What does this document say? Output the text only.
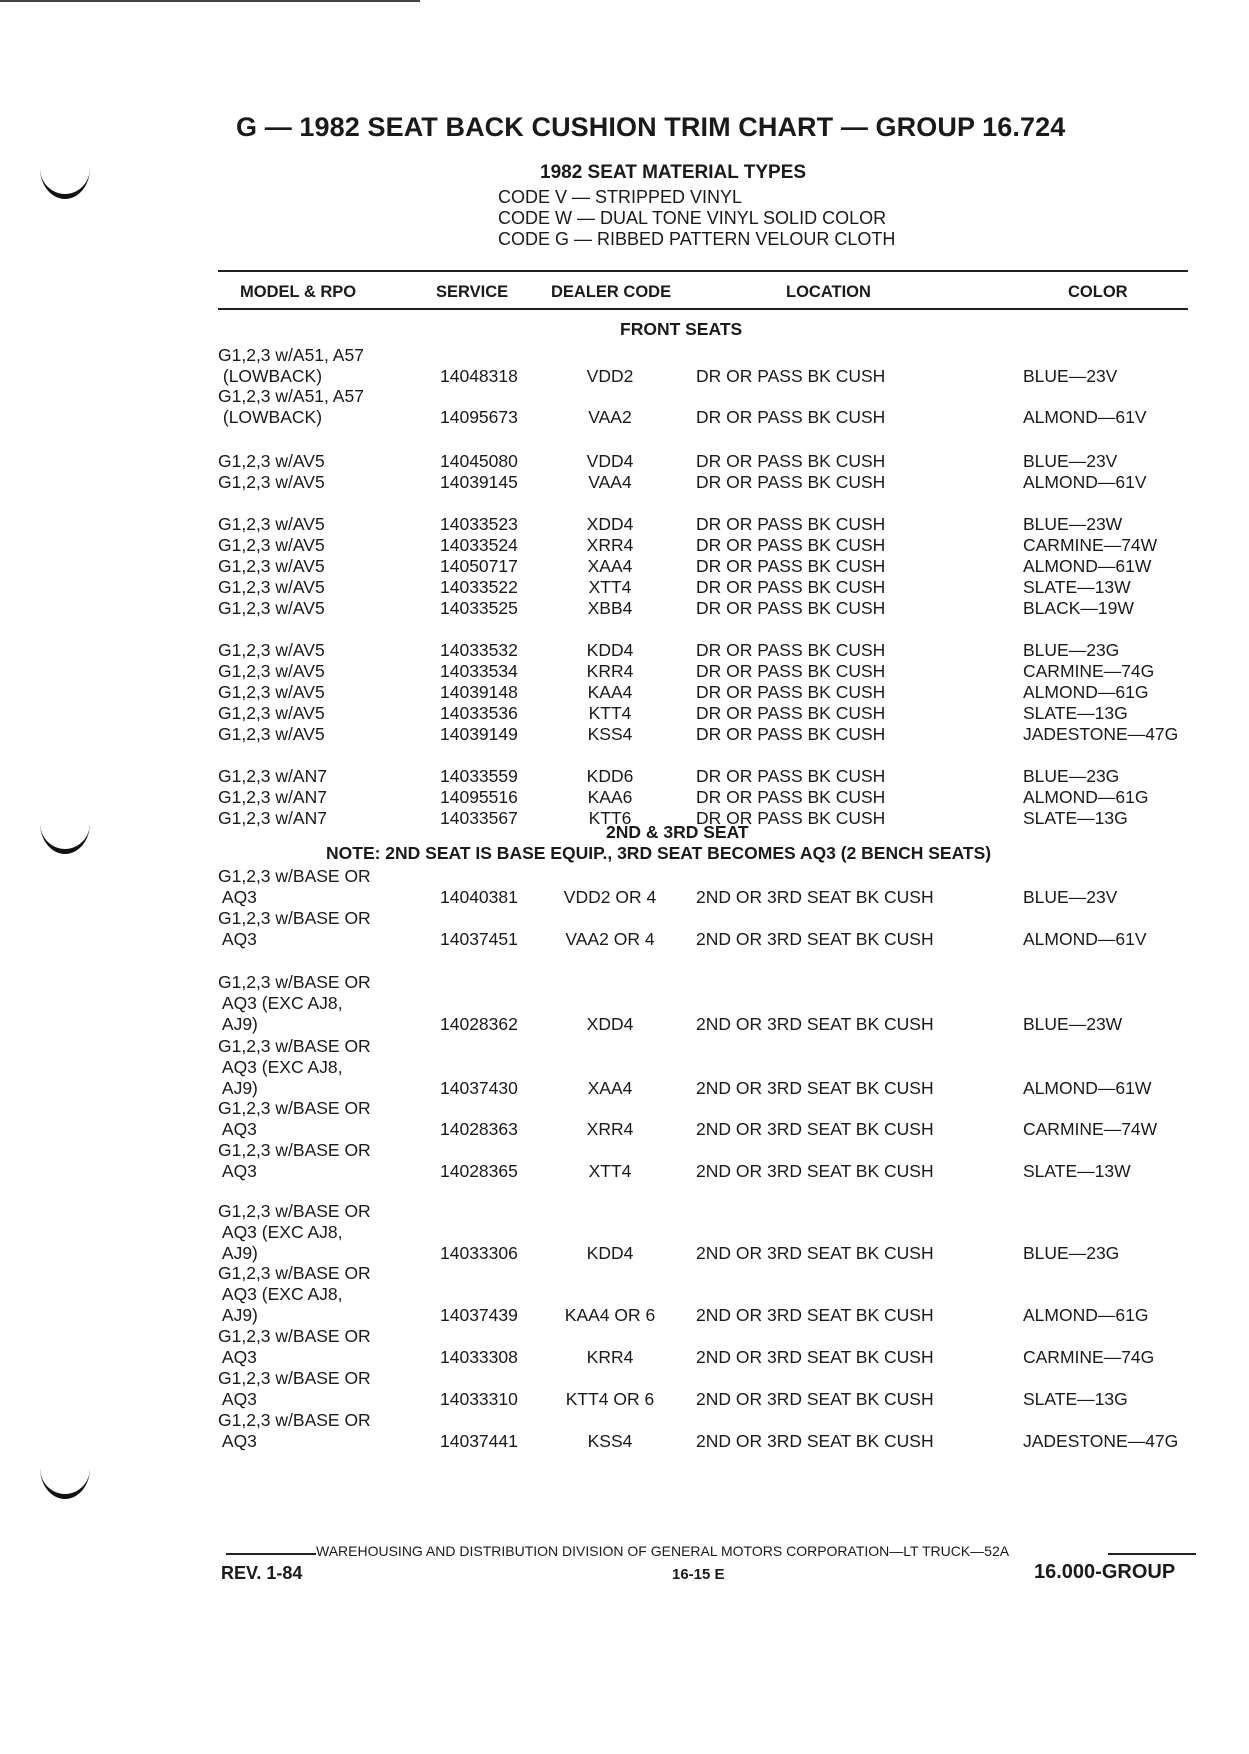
G — 1982 SEAT BACK CUSHION TRIM CHART — GROUP 16.724
1982 SEAT MATERIAL TYPES
CODE V — STRIPPED VINYL
CODE W — DUAL TONE VINYL SOLID COLOR
CODE G — RIBBED PATTERN VELOUR CLOTH
MODEL & RPO	SERVICE	DEALER CODE	LOCATION	COLOR
FRONT SEATS
2ND & 3RD SEAT
NOTE: 2ND SEAT IS BASE EQUIP., 3RD SEAT BECOMES AQ3 (2 BENCH SEATS)
G1,2,3 w/A51, A57
(LOWBACK)	14048318	VDD2	DR OR PASS BK CUSH	BLUE—23V
G1,2,3 w/A51, A57
(LOWBACK)	14095673	VAA2	DR OR PASS BK CUSH	ALMOND—61V
G1,2,3 w/AV5	14045080	VDD4	DR OR PASS BK CUSH	BLUE—23V
G1,2,3 w/AV5	14039145	VAA4	DR OR PASS BK CUSH	ALMOND—61V
G1,2,3 w/AV5	14033523	XDD4	DR OR PASS BK CUSH	BLUE—23W
G1,2,3 w/AV5	14033524	XRR4	DR OR PASS BK CUSH	CARMINE—74W
G1,2,3 w/AV5	14050717	XAA4	DR OR PASS BK CUSH	ALMOND—61W
G1,2,3 w/AV5	14033522	XTT4	DR OR PASS BK CUSH	SLATE—13W
G1,2,3 w/AV5	14033525	XBB4	DR OR PASS BK CUSH	BLACK—19W
G1,2,3 w/AV5	14033532	KDD4	DR OR PASS BK CUSH	BLUE—23G
G1,2,3 w/AV5	14033534	KRR4	DR OR PASS BK CUSH	CARMINE—74G
G1,2,3 w/AV5	14039148	KAA4	DR OR PASS BK CUSH	ALMOND—61G
G1,2,3 w/AV5	14033536	KTT4	DR OR PASS BK CUSH	SLATE—13G
G1,2,3 w/AV5	14039149	KSS4	DR OR PASS BK CUSH	JADESTONE—47G
G1,2,3 w/AN7	14033559	KDD6	DR OR PASS BK CUSH	BLUE—23G
G1,2,3 w/AN7	14095516	KAA6	DR OR PASS BK CUSH	ALMOND—61G
G1,2,3 w/AN7	14033567	KTT6	DR OR PASS BK CUSH	SLATE—13G
G1,2,3 w/BASE OR
AQ3	14040381	VDD2 OR 4	2ND OR 3RD SEAT BK CUSH	BLUE—23V
G1,2,3 w/BASE OR
AQ3	14037451	VAA2 OR 4	2ND OR 3RD SEAT BK CUSH	ALMOND—61V
G1,2,3 w/BASE OR
AQ3 (EXC AJ8,
AJ9)	14028362	XDD4	2ND OR 3RD SEAT BK CUSH	BLUE—23W
G1,2,3 w/BASE OR
AQ3 (EXC AJ8,
AJ9)	14037430	XAA4	2ND OR 3RD SEAT BK CUSH	ALMOND—61W
G1,2,3 w/BASE OR
AQ3	14028363	XRR4	2ND OR 3RD SEAT BK CUSH	CARMINE—74W
G1,2,3 w/BASE OR
AQ3	14028365	XTT4	2ND OR 3RD SEAT BK CUSH	SLATE—13W
G1,2,3 w/BASE OR
AQ3 (EXC AJ8,
AJ9)	14033306	KDD4	2ND OR 3RD SEAT BK CUSH	BLUE—23G
G1,2,3 w/BASE OR
AQ3 (EXC AJ8,
AJ9)	14037439	KAA4 OR 6	2ND OR 3RD SEAT BK CUSH	ALMOND—61G
G1,2,3 w/BASE OR
AQ3	14033308	KRR4	2ND OR 3RD SEAT BK CUSH	CARMINE—74G
G1,2,3 w/BASE OR
AQ3	14033310	KTT4 OR 6	2ND OR 3RD SEAT BK CUSH	SLATE—13G
G1,2,3 w/BASE OR
AQ3	14037441	KSS4	2ND OR 3RD SEAT BK CUSH	JADESTONE—47G
WAREHOUSING AND DISTRIBUTION DIVISION OF GENERAL MOTORS CORPORATION—LT TRUCK—52A
REV. 1-84	16-15 E	16.000-GROUP
